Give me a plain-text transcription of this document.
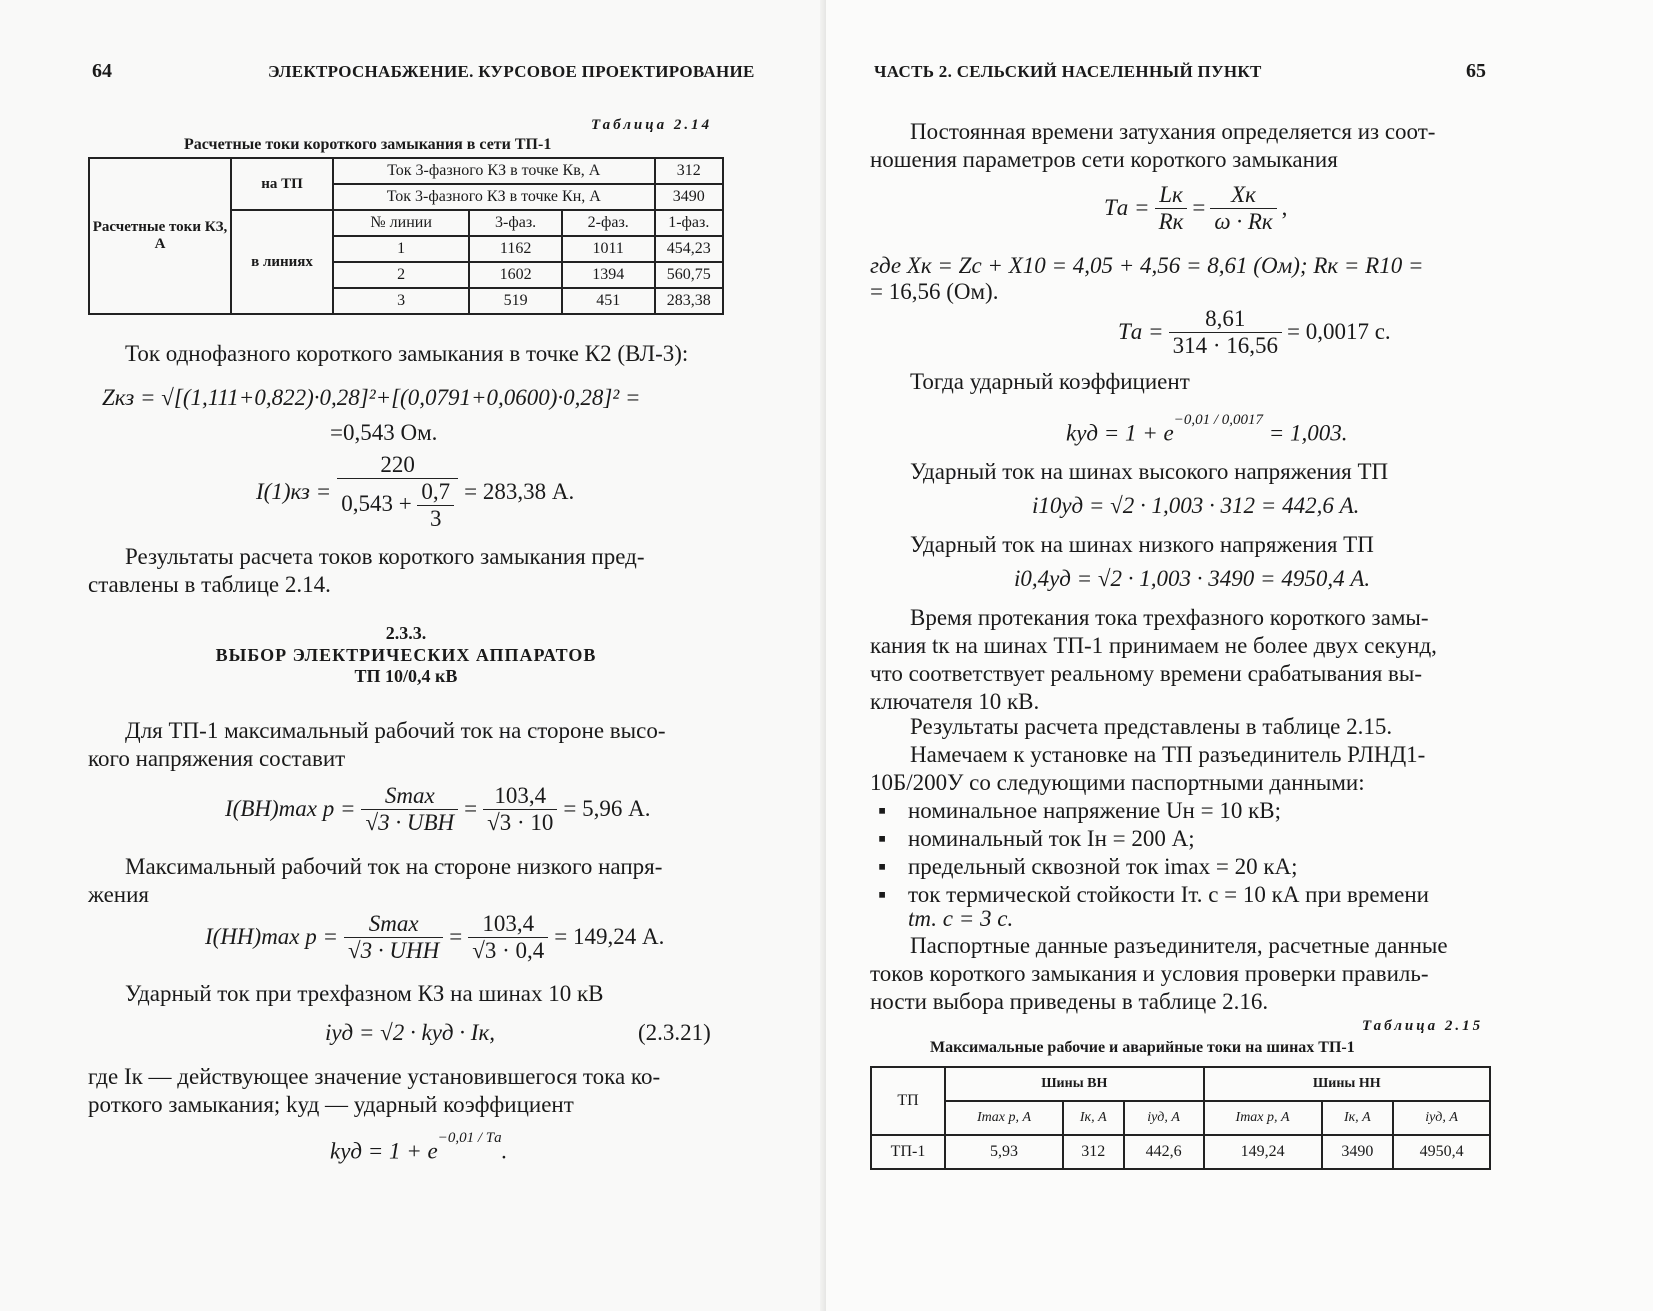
64	ЭЛЕКТРОСНАБЖЕНИЕ. КУРСОВОЕ ПРОЕКТИРОВАНИЕ
Таблица 2.14
Расчетные токи короткого замыкания в сети ТП-1
Расчетные токи КЗ, А	на ТП	Ток 3-фазного КЗ в точке Кв, А			312
		Ток 3-фазного КЗ в точке Кн, А			3490
	в линиях	№ линии	3-фаз.	2-фаз.	1-фаз.
		1	1162	1011	454,23
		2	1602	1394	560,75
		3	519	451	283,38
Ток однофазного короткого замыкания в точке К2 (ВЛ-3):
Zкз = √[(1,111+0,822)·0,28]²+[(0,0791+0,0600)·0,28]² =
=0,543 Ом.
$I(1)кз = \frac{220}{0,543 + \frac{0,7}{3}} = 283,38$ А.
Результаты расчета токов короткого замыкания пред-
ставлены в таблице 2.14.
2.3.3.
ВЫБОР ЭЛЕКТРИЧЕСКИХ АППАРАТОВ
ТП 10/0,4 кВ
Для ТП-1 максимальный рабочий ток на стороне высо-
кого напряжения составит
I(ВН)max $р = \frac{Smax}{\text{√3 · UВН}} = \frac{103,4}{√3 \cdot 10} = 5,96$ А.
Максимальный рабочий ток на стороне низкого напря-
жения
I(НН)max $р = \frac{Smax}{\text{√3 · UНН}} = \frac{103,4}{√3 \cdot 0,4} = 149,24$ А.
Ударный ток при трехфазном КЗ на шинах 10 кВ
iуд = √2 · kуд · Iк,	(2.3.21)
где Iк — действующее значение установившегося тока ко-
роткого замыкания; kуд — ударный коэффициент
kуд = $1 + e^{-0,01 / Tа}$.
ЧАСТЬ 2. СЕЛЬСКИЙ НАСЕЛЕННЫЙ ПУНКТ	65
Постоянная времени затухания определяется из соот-
ношения параметров сети короткого замыкания
Tа = $\frac{Lк}{Rк} = \frac{Xк}{\omega \cdot Rк}$ ,
где Xк = Zс + X10 = 4,05 + 4,56 = 8,61 (Ом); Rк = R10 =
= 16,56 (Ом).
Tа = $\frac{8,61}{314 \cdot 16,56} = 0,0017$ с.
Тогда ударный коэффициент
kуд = $1 + e^{-0,01 / 0,0017} = 1,003$.
Ударный ток на шинах высокого напряжения ТП
i10уд = √2 · 1,003 · 312 = 442,6 А.
Ударный ток на шинах низкого напряжения ТП
i0,4уд = √2 · 1,003 · 3490 = 4950,4 А.
Время протекания тока трехфазного короткого замы-
кания tк на шинах ТП-1 принимаем не более двух секунд,
что соответствует реальному времени срабатывания вы-
ключателя 10 кВ.
Результаты расчета представлены в таблице 2.15.
Намечаем к установке на ТП разъединитель РЛНД1-
10Б/200У со следующими паспортными данными:
▪ номинальное напряжение Uн = 10 кВ;
▪ номинальный ток Iн = 200 А;
▪ предельный сквозной ток imax = 20 кА;
▪ ток термической стойкости Iт. с = 10 кА при времени
tт. с = 3 с.
Паспортные данные разъединителя, расчетные данные
токов короткого замыкания и условия проверки правиль-
ности выбора приведены в таблице 2.16.
Таблица 2.15
Максимальные рабочие и аварийные токи на шинах ТП-1
ТП	Шины ВН			Шины НН		
	Imax р, А	Iк, А	iуд, А	Imax р, А	Iк, А	iуд, А
ТП-1	5,93	312	442,6	149,24	3490	4950,4
